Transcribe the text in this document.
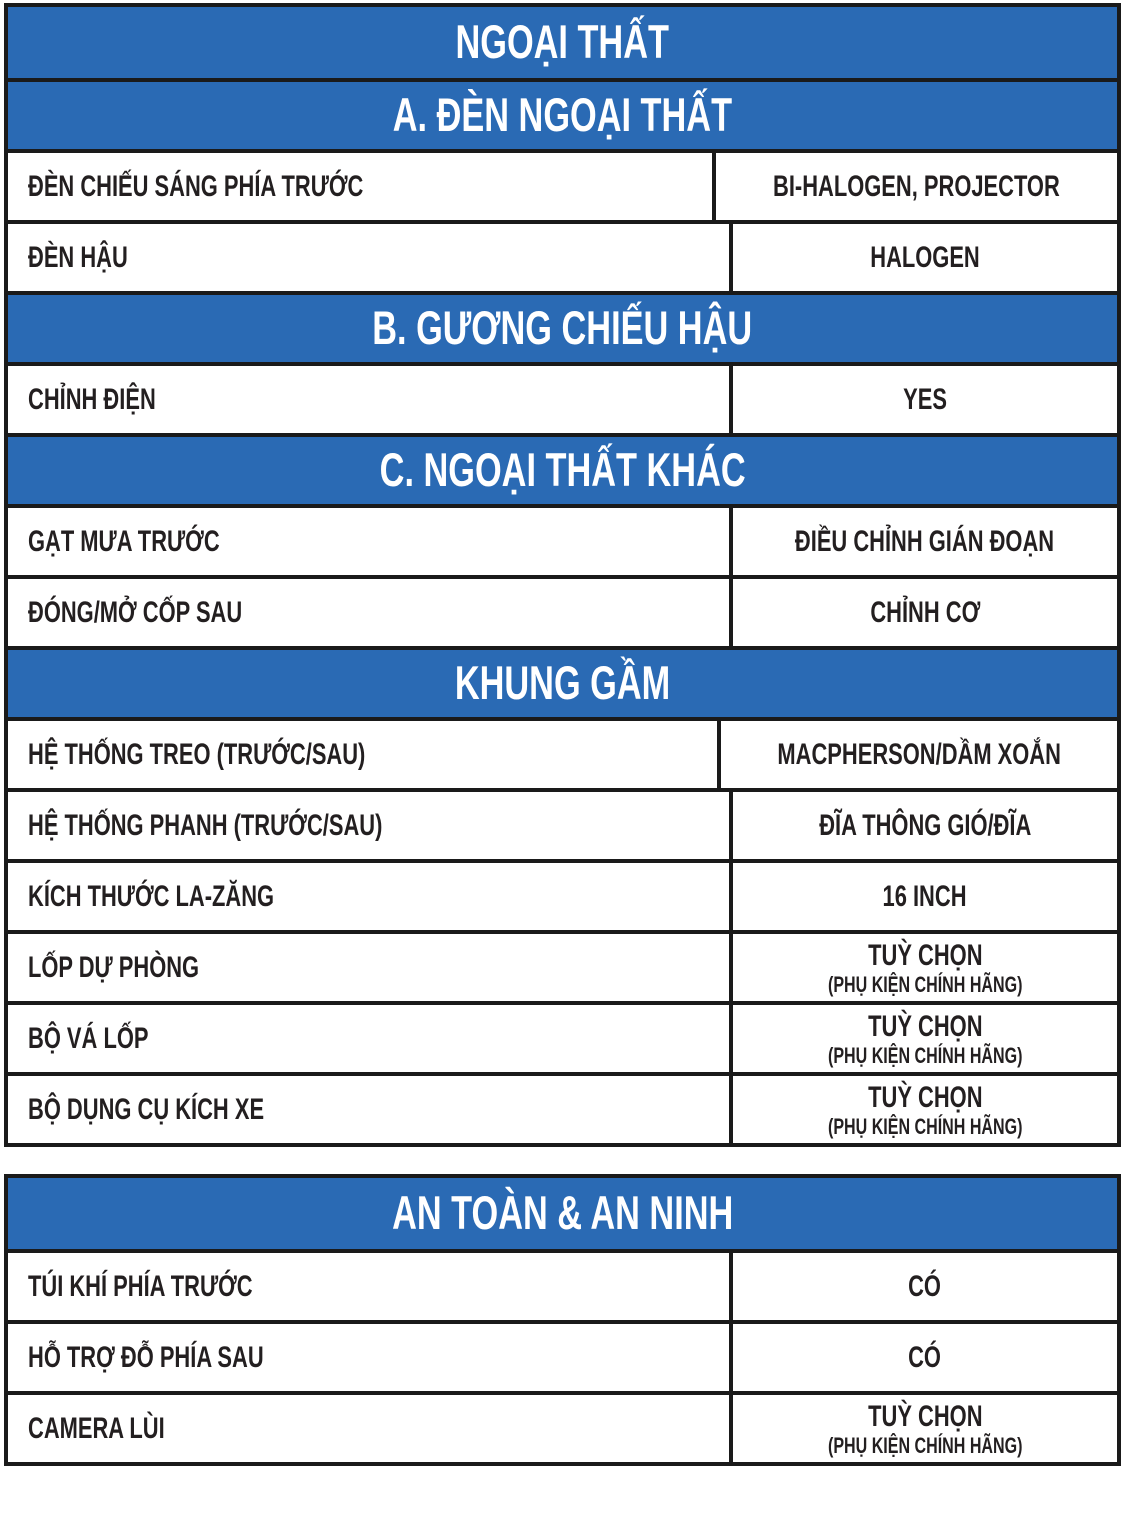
NGOẠI THẤT
A. ĐÈN NGOẠI THẤT
ĐÈN CHIẾU SÁNG PHÍA TRƯỚC	BI-HALOGEN, PROJECTOR
ĐÈN HẬU	HALOGEN
B. GƯƠNG CHIẾU HẬU
CHỈNH ĐIỆN	YES
C. NGOẠI THẤT KHÁC
GẠT MƯA TRƯỚC	ĐIỀU CHỈNH GIÁN ĐOẠN
ĐÓNG/MỞ CỐP SAU	CHỈNH CƠ
KHUNG GẦM
HỆ THỐNG TREO (TRƯỚC/SAU)	MACPHERSON/DẦM XOẮN
HỆ THỐNG PHANH (TRƯỚC/SAU)	ĐĨA THÔNG GIÓ/ĐĨA
KÍCH THƯỚC LA-ZĂNG	16 INCH
LỐP DỰ PHÒNG	TUỲ CHỌN
(PHỤ KIỆN CHÍNH HÃNG)
BỘ VÁ LỐP	TUỲ CHỌN
(PHỤ KIỆN CHÍNH HÃNG)
BỘ DỤNG CỤ KÍCH XE	TUỲ CHỌN
(PHỤ KIỆN CHÍNH HÃNG)
AN TOÀN & AN NINH
TÚI KHÍ PHÍA TRƯỚC	CÓ
HỖ TRỢ ĐỖ PHÍA SAU	CÓ
CAMERA LÙI	TUỲ CHỌN
(PHỤ KIỆN CHÍNH HÃNG)
